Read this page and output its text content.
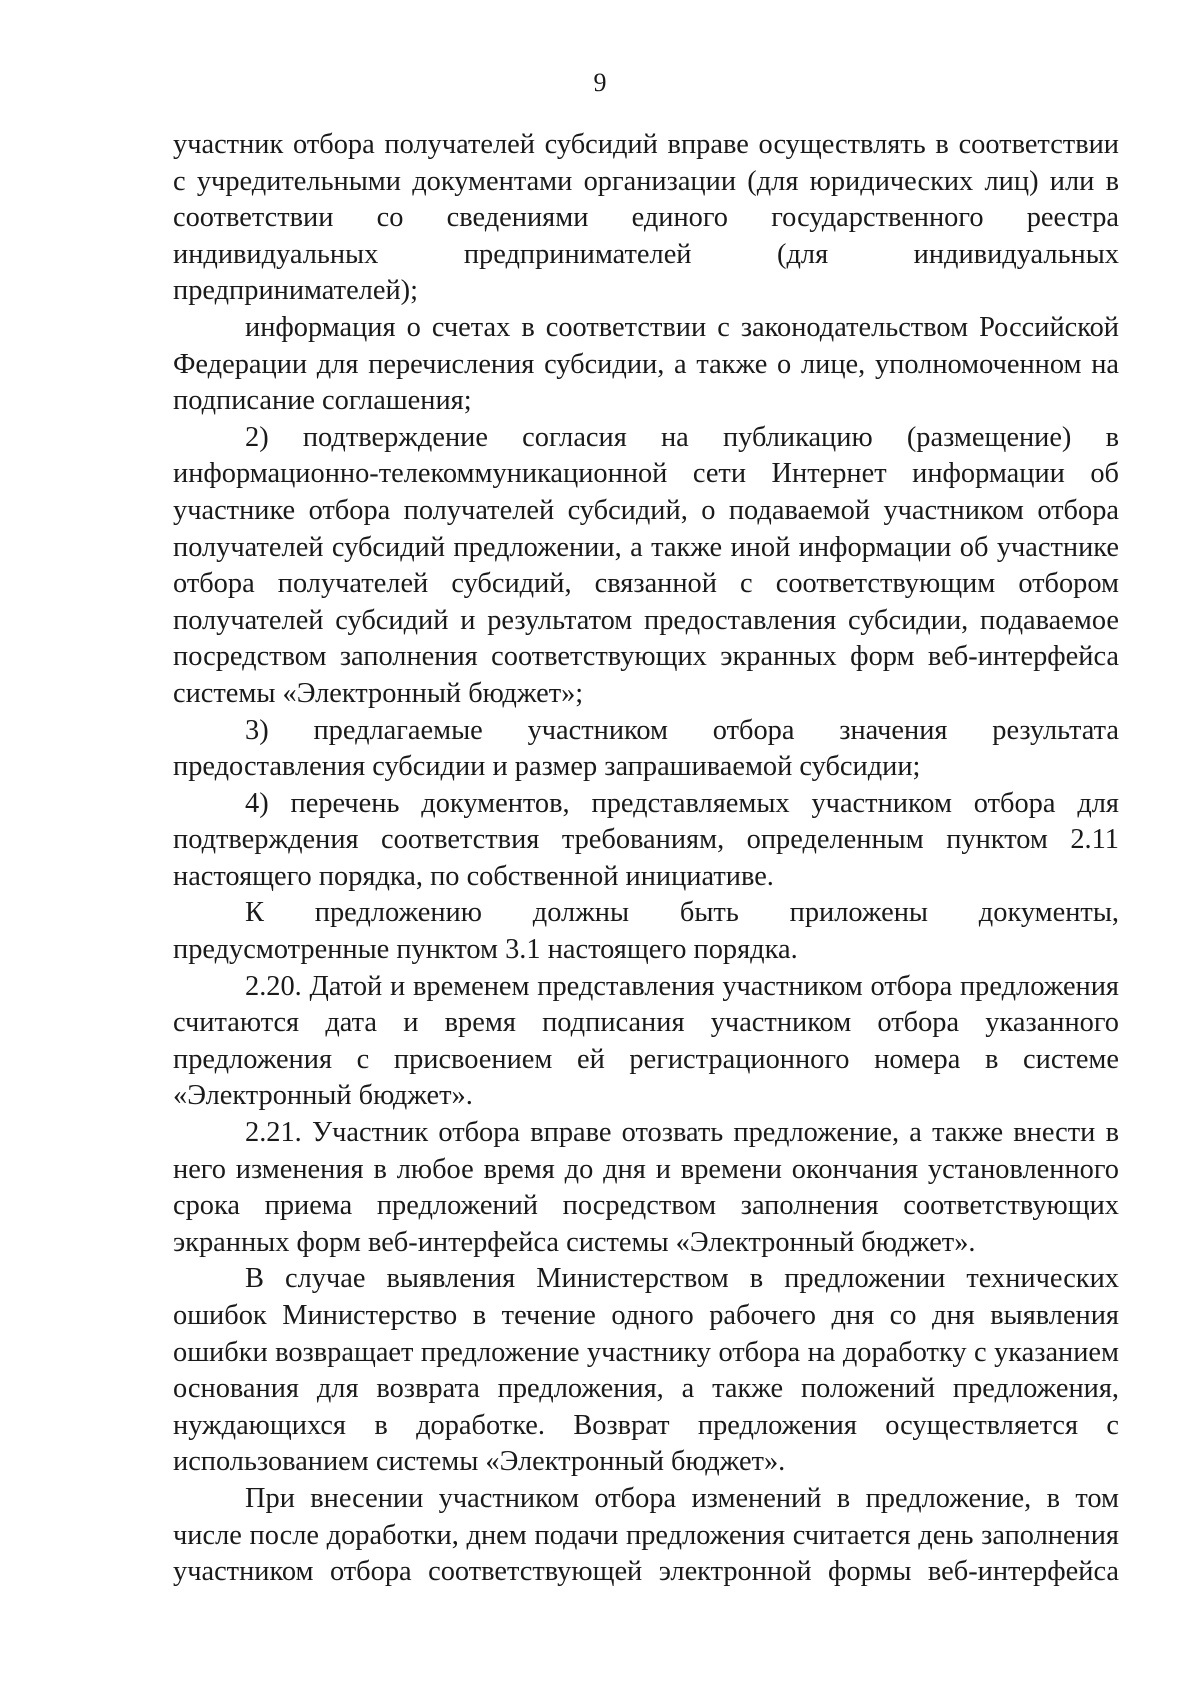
9

участник отбора получателей субсидий вправе осуществлять в соответствии с учредительными документами организации (для юридических лиц) или в соответствии со сведениями единого государственного реестра индивидуальных предпринимателей (для индивидуальных предпринимателей);

информация о счетах в соответствии с законодательством Российской Федерации для перечисления субсидии, а также о лице, уполномоченном на подписание соглашения;

2) подтверждение согласия на публикацию (размещение) в информационно-телекоммуникационной сети Интернет информации об участнике отбора получателей субсидий, о подаваемой участником отбора получателей субсидий предложении, а также иной информации об участнике отбора получателей субсидий, связанной с соответствующим отбором получателей субсидий и результатом предоставления субсидии, подаваемое посредством заполнения соответствующих экранных форм веб-интерфейса системы «Электронный бюджет»;

3) предлагаемые участником отбора значения результата предоставления субсидии и размер запрашиваемой субсидии;

4) перечень документов, представляемых участником отбора для подтверждения соответствия требованиям, определенным пунктом 2.11 настоящего порядка, по собственной инициативе.

К предложению должны быть приложены документы, предусмотренные пунктом 3.1 настоящего порядка.

2.20. Датой и временем представления участником отбора предложения считаются дата и время подписания участником отбора указанного предложения с присвоением ей регистрационного номера в системе «Электронный бюджет».

2.21. Участник отбора вправе отозвать предложение, а также внести в него изменения в любое время до дня и времени окончания установленного срока приема предложений посредством заполнения соответствующих экранных форм веб-интерфейса системы «Электронный бюджет».

В случае выявления Министерством в предложении технических ошибок Министерство в течение одного рабочего дня со дня выявления ошибки возвращает предложение участнику отбора на доработку с указанием основания для возврата предложения, а также положений предложения, нуждающихся в доработке. Возврат предложения осуществляется с использованием системы «Электронный бюджет».

При внесении участником отбора изменений в предложение, в том числе после доработки, днем подачи предложения считается день заполнения участником отбора соответствующей электронной формы веб-интерфейса
